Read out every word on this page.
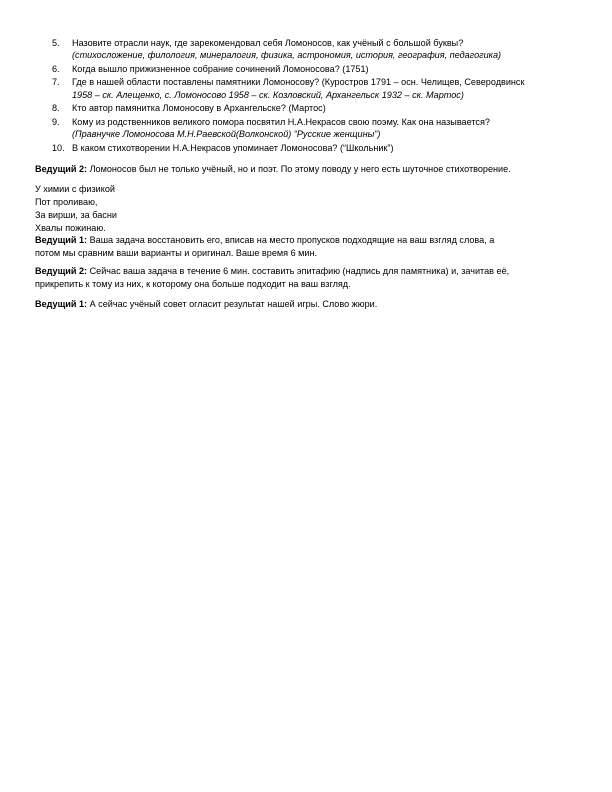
5. Назовите отрасли наук, где зарекомендовал себя Ломоносов, как учёный с большой буквы?
(стихосложение, филология, минералогия, физика, астрономия, история, география, педагогика)
6. Когда вышло прижизненное собрание сочинений Ломоносова? (1751)
7. Где в нашей области поставлены памятники Ломоносову? (Куростров 1791 – осн. Челищев, Северодвинск
1958 – ск. Алещенко, с. Ломоносово 1958 – ск. Козловский, Архангельск 1932 – ск. Мартос)
8. Кто автор памянитка Ломоносову в Архангельске? (Мартос)
9. Кому из родственников великого помора посвятил Н.А.Некрасов свою поэму. Как она называется?
(Правнучке Ломоносова М.Н.Раевской(Волконской) “Русские женщины”)
10. В каком стихотворении Н.А.Некрасов упоминает Ломоносова? (“Школьник”)

Ведущий 2: Ломоносов был не только учёный, но и поэт. По этому поводу у него есть шуточное стихотворение.

У химии с физикой
Пот проливаю,
За вирши, за басни
Хвалы пожинаю.

Ведущий 1: Ваша задача восстановить его, вписав на место пропусков подходящие на ваш взгляд слова, а
потом мы сравним ваши варианты и оригинал. Ваше время 6 мин.

Ведущий 2: Сейчас ваша задача в течение 6 мин. составить эпитафию (надпись для памятника) и, зачитав её,
прикрепить к тому из них, к которому она больше подходит на ваш взгляд.

Ведущий 1: А сейчас учёный совет огласит результат нашей игры. Слово жюри.
